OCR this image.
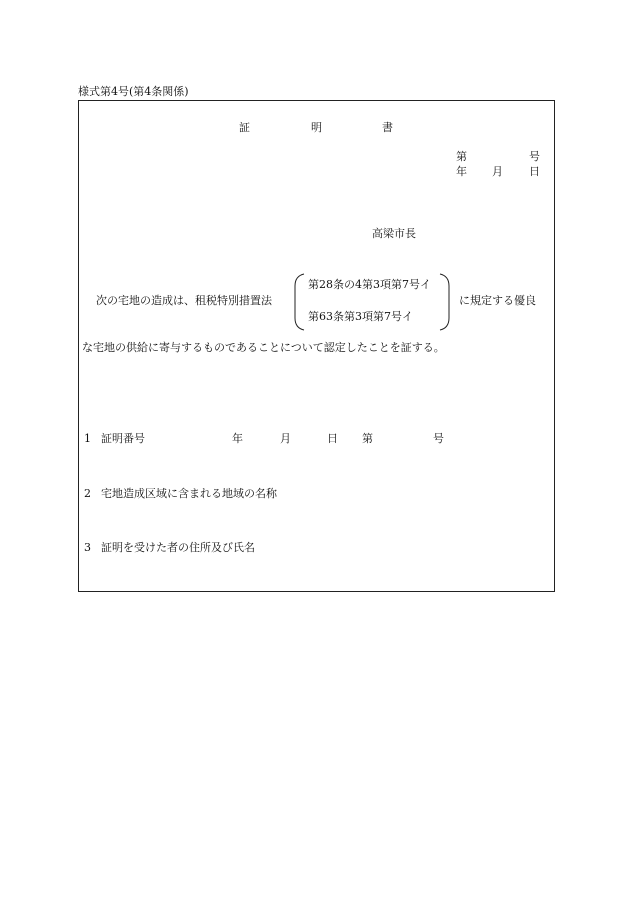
様式第4号(第4条関係)
証	明	書
第	号
年 月 日
高梁市長
次の宅地の造成は、租税特別措置法
第28条の4第3項第7号イ
第63条第3項第7号イ
に規定する優良
な宅地の供給に寄与するものであることについて認定したことを証する。
1 証明番号	年	月	日 第	号
2 宅地造成区域に含まれる地域の名称
3 証明を受けた者の住所及び氏名
